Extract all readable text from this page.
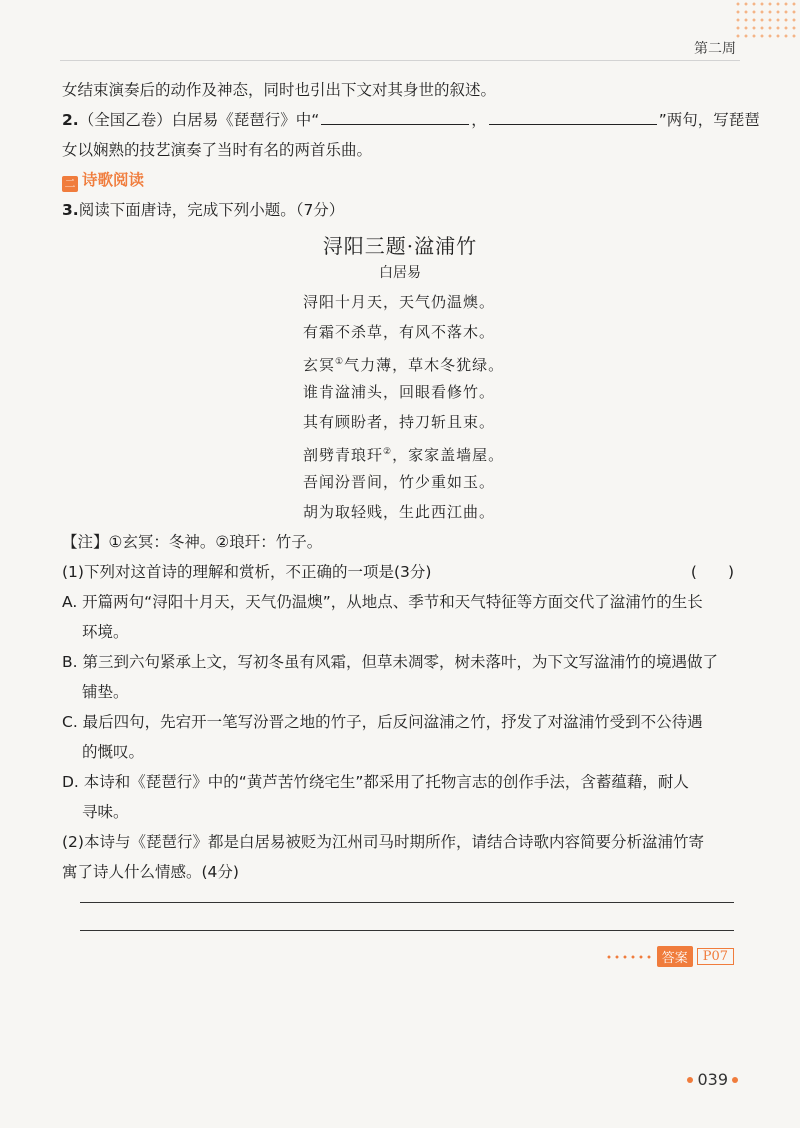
第二周
女结束演奏后的动作及神态，同时也引出下文对其身世的叙述。
2.（全国乙卷）白居易《琵琶行》中“	，	”两句，写琵琶
女以娴熟的技艺演奏了当时有名的两首乐曲。
二 诗歌阅读
3.阅读下面唐诗，完成下列小题。（7分）
浔阳三题·湓浦竹
白居易
浔阳十月天，天气仍温燠。
有霜不杀草，有风不落木。
玄冥①气力薄，草木冬犹绿。
谁肯湓浦头，回眼看修竹。
其有顾盼者，持刀斩且束。
剖劈青琅玕②，家家盖墙屋。
吾闻汾晋间，竹少重如玉。
胡为取轻贱，生此西江曲。
【注】①玄冥：冬神。②琅玕：竹子。
(1)下列对这首诗的理解和赏析，不正确的一项是(3分)	(　　)
A. 开篇两句“浔阳十月天，天气仍温燠”，从地点、季节和天气特征等方面交代了湓浦竹的生长
环境。
B. 第三到六句紧承上文，写初冬虽有风霜，但草未凋零，树未落叶，为下文写湓浦竹的境遇做了
铺垫。
C. 最后四句，先宕开一笔写汾晋之地的竹子，后反问湓浦之竹，抒发了对湓浦竹受到不公待遇
的慨叹。
D. 本诗和《琵琶行》中的“黄芦苦竹绕宅生”都采用了托物言志的创作手法，含蓄蕴藉，耐人
寻味。
(2)本诗与《琵琶行》都是白居易被贬为江州司马时期所作，请结合诗歌内容简要分析湓浦竹寄
寓了诗人什么情感。(4分)
答案	P07
039
